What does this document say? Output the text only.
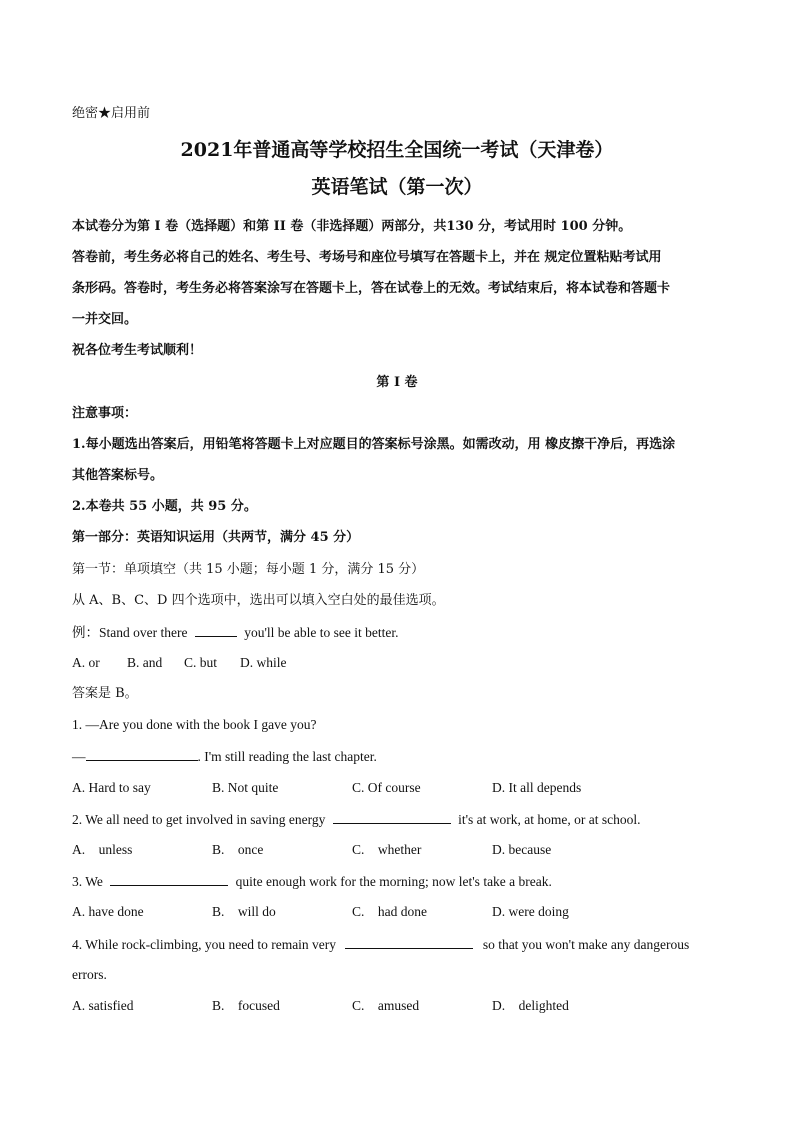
绝密★启用前
2021年普通高等学校招生全国统一考试（天津卷）
英语笔试（第一次）
本试卷分为第 I 卷（选择题）和第 II 卷（非选择题）两部分，共130 分，考试用时 100 分钟。
答卷前，考生务必将自己的姓名、考生号、考场号和座位号填写在答题卡上，并在 规定位置粘贴考试用
条形码。答卷时，考生务必将答案涂写在答题卡上，答在试卷上的无效。考试结束后，将本试卷和答题卡
一并交回。
祝各位考生考试顺利！
第 I 卷
注意事项：
1.每小题选出答案后，用铅笔将答题卡上对应题目的答案标号涂黑。如需改动，用 橡皮擦干净后，再选涂
其他答案标号。
2.本卷共 55 小题，共 95 分。
第一部分：英语知识运用（共两节，满分 45 分）
第一节：单项填空（共 15 小题；每小题 1 分，满分 15 分）
从 A、B、C、D 四个选项中，选出可以填入空白处的最佳选项。
例：Stand over there	you'll be able to see it better.
A. or B. and C. but D. while
答案是 B。
1. —Are you done with the book I gave you?
—	. I'm still reading the last chapter.
A. Hard to say	B. Not quite	C. Of course	D. It all depends
2. We all need to get involved in saving energy	it's at work, at home, or at school.
A.    unless	B.    once	C.    whether	D. because
3. We	quite enough work for the morning; now let's take a break.
A. have done	B.    will do	C.    had done	D. were doing
4. While rock-climbing, you need to remain very	so that you won't make any dangerous
errors.
A. satisfied	B.    focused	C.    amused	D.    delighted
